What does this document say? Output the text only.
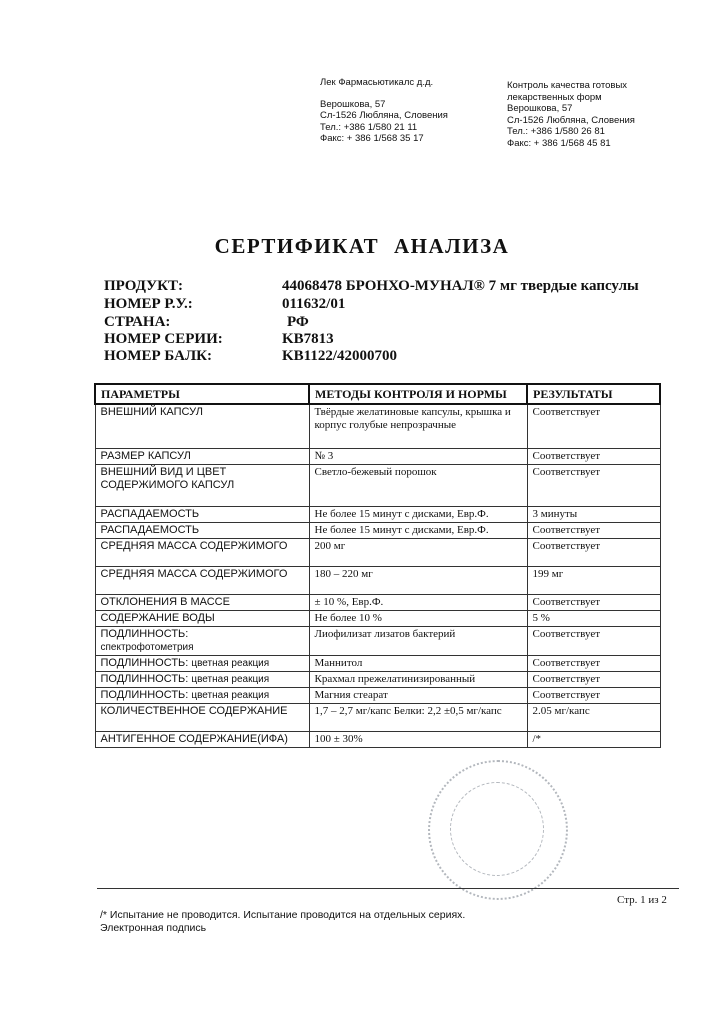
Лек Фармасьютикалс д.д.
Верошкова, 57
Сл-1526 Любляна, Словения
Тел.: +386 1/580 21 11
Факс: + 386 1/568 35 17
Контроль качества готовых
лекарственных форм
Верошкова, 57
Сл-1526 Любляна, Словения
Тел.: +386 1/580 26 81
Факс: + 386 1/568 45 81
СЕРТИФИКАТ АНАЛИЗА
ПРОДУКТ:	44068478 БРОНХО-МУНАЛ® 7 мг твердые капсулы
НОМЕР Р.У.:	011632/01
СТРАНА:	РФ
НОМЕР СЕРИИ:	KB7813
НОМЕР БАЛК:	KB1122/42000700
ПАРАМЕТРЫ	МЕТОДЫ КОНТРОЛЯ И НОРМЫ	РЕЗУЛЬТАТЫ
ВНЕШНИЙ КАПСУЛ	Твёрдые желатиновые капсулы, крышка и корпус голубые непрозрачные	Соответствует
РАЗМЕР КАПСУЛ	№ 3	Соответствует
ВНЕШНИЙ ВИД И ЦВЕТ СОДЕРЖИМОГО КАПСУЛ	Светло-бежевый порошок	Соответствует
РАСПАДАЕМОСТЬ	Не более 15 минут с дисками, Евр.Ф.	3 минуты
РАСПАДАЕМОСТЬ	Не более 15 минут с дисками, Евр.Ф.	Соответствует
СРЕДНЯЯ МАССА СОДЕРЖИМОГО	200 мг	Соответствует
СРЕДНЯЯ МАССА СОДЕРЖИМОГО	180 – 220 мг	199 мг
ОТКЛОНЕНИЯ В МАССЕ	± 10 %, Евр.Ф.	Соответствует
СОДЕРЖАНИЕ ВОДЫ	Не более 10 %	5 %

ПОДЛИННОСТЬ:
спектрофотометрия	Лиофилизат лизатов бактерий	Соответствует
ПОДЛИННОСТЬ: цветная реакция	Маннитол	Соответствует
ПОДЛИННОСТЬ: цветная реакция	Крахмал прежелатинизированный	Соответствует
ПОДЛИННОСТЬ: цветная реакция	Магния стеарат	Соответствует
КОЛИЧЕСТВЕННОЕ СОДЕРЖАНИЕ	1,7 – 2,7 мг/капс Белки: 2,2 ±0,5 мг/капс	2.05 мг/капс
АНТИГЕННОЕ СОДЕРЖАНИЕ(ИФА)	100 ± 30%	/*
Стр. 1 из 2
/* Испытание не проводится. Испытание проводится на отдельных сериях.
Электронная подпись
